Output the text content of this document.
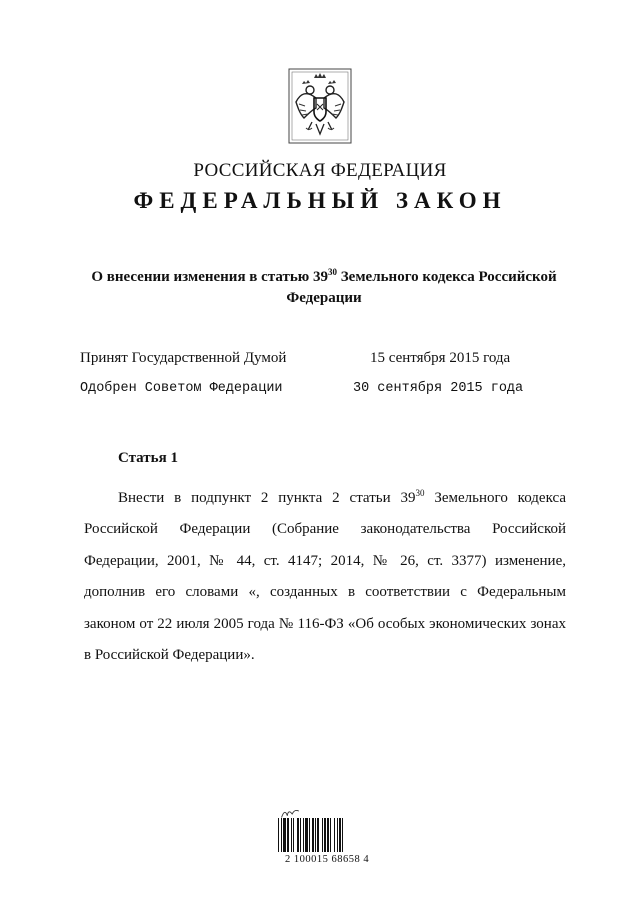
РОССИЙСКАЯ ФЕДЕРАЦИЯ
ФЕДЕРАЛЬНЫЙ ЗАКОН
О внесении изменения в статью $39^{30}$ Земельного кодекса Российской Федерации
Принят Государственной Думой	15 сентября 2015 года
Одобрен Советом Федерации	30 сентября 2015 года
Статья 1
Внести в подпункт 2 пункта 2 статьи $39^{30}$ Земельного кодекса Российской Федерации (Собрание законодательства Российской Федерации, 2001, № 44, ст. 4147; 2014, № 26, ст. 3377) изменение, дополнив его словами «, созданных в соответствии с Федеральным законом от 22 июля 2005 года № 116-ФЗ «Об особых экономических зонах в Российской Федерации».
2 100015 68658 4
